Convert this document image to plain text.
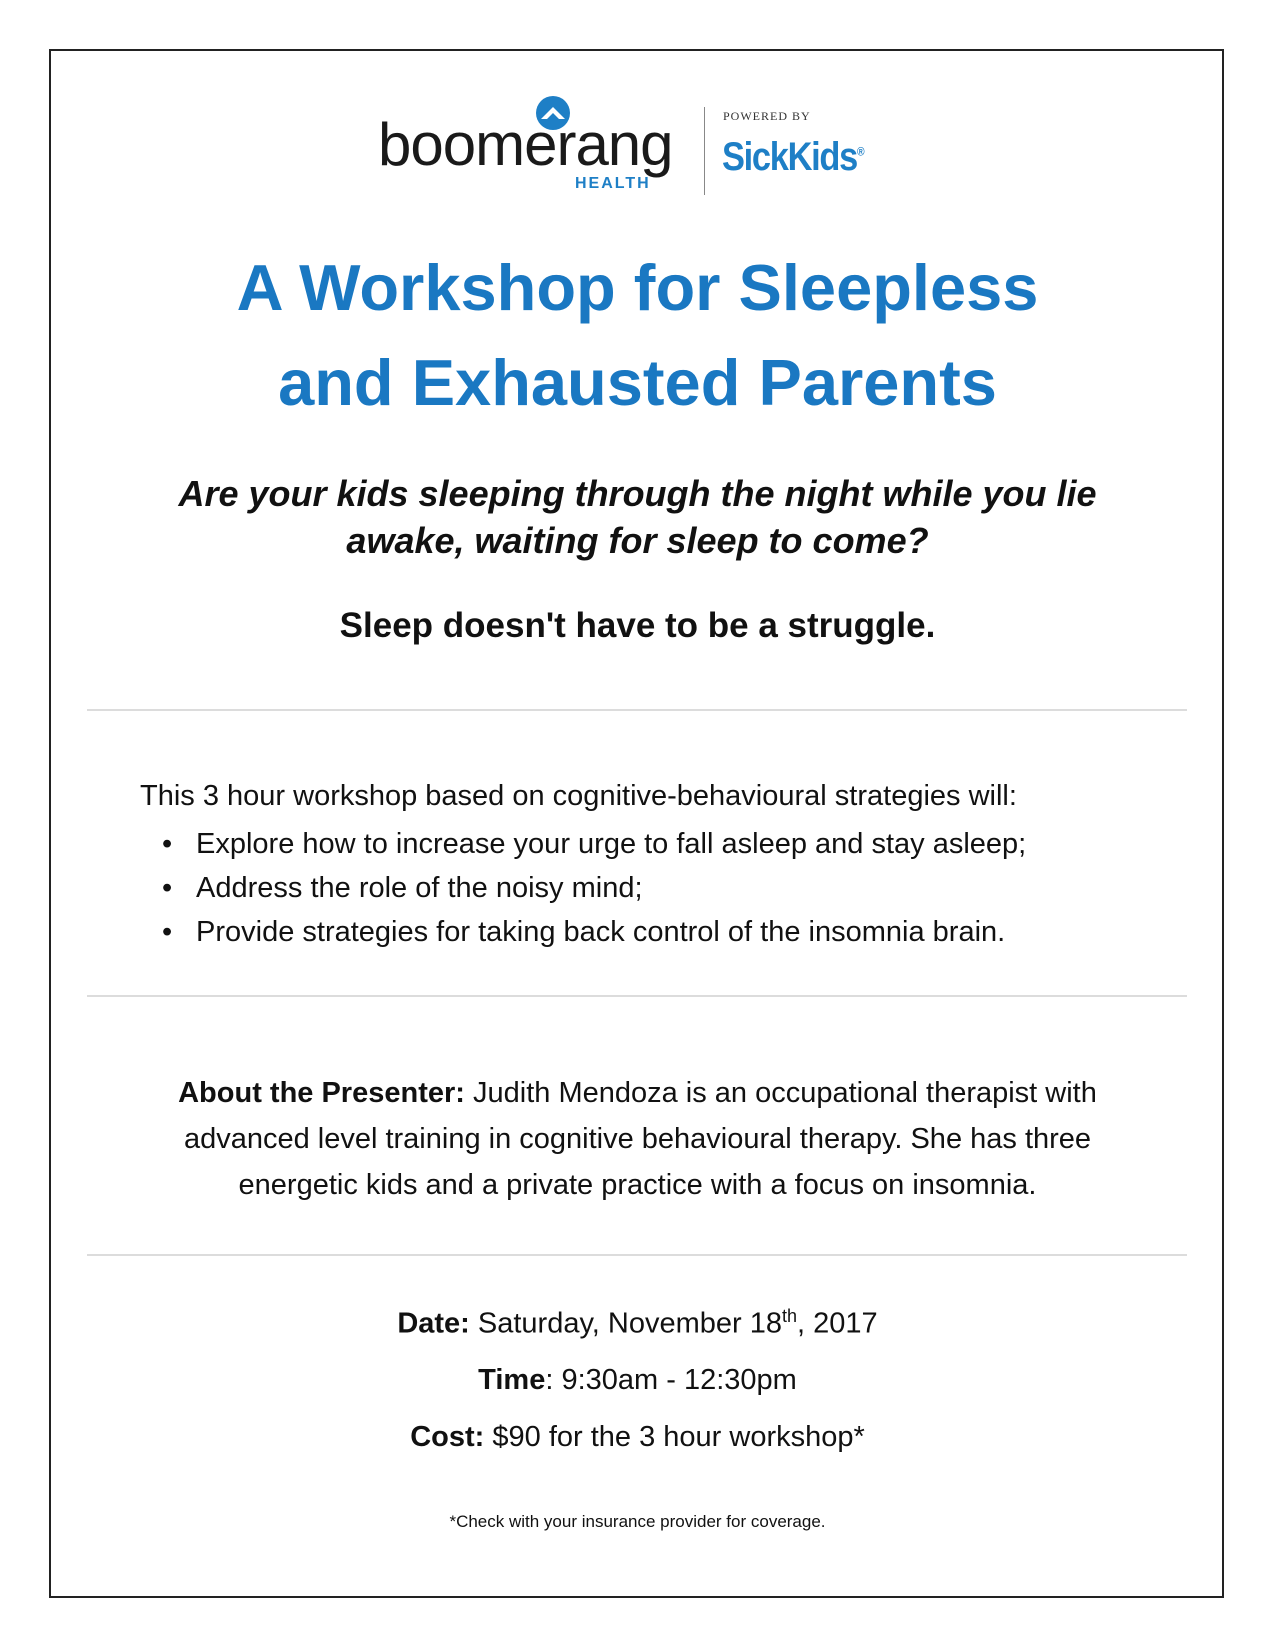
boomerang
HEALTH
POWERED BY
SickKids®
A Workshop for Sleepless
and Exhausted Parents

Are your kids sleeping through the night while you lie
awake, waiting for sleep to come?

Sleep doesn't have to be a struggle.

This 3 hour workshop based on cognitive-behavioural strategies will:

• Explore how to increase your urge to fall asleep and stay asleep;
• Address the role of the noisy mind;
• Provide strategies for taking back control of the insomnia brain.

About the Presenter: Judith Mendoza is an occupational therapist with
advanced level training in cognitive behavioural therapy. She has three
energetic kids and a private practice with a focus on insomnia.

Date: Saturday, November 18th, 2017

Time: 9:30am - 12:30pm

Cost: $90 for the 3 hour workshop*

*Check with your insurance provider for coverage.
